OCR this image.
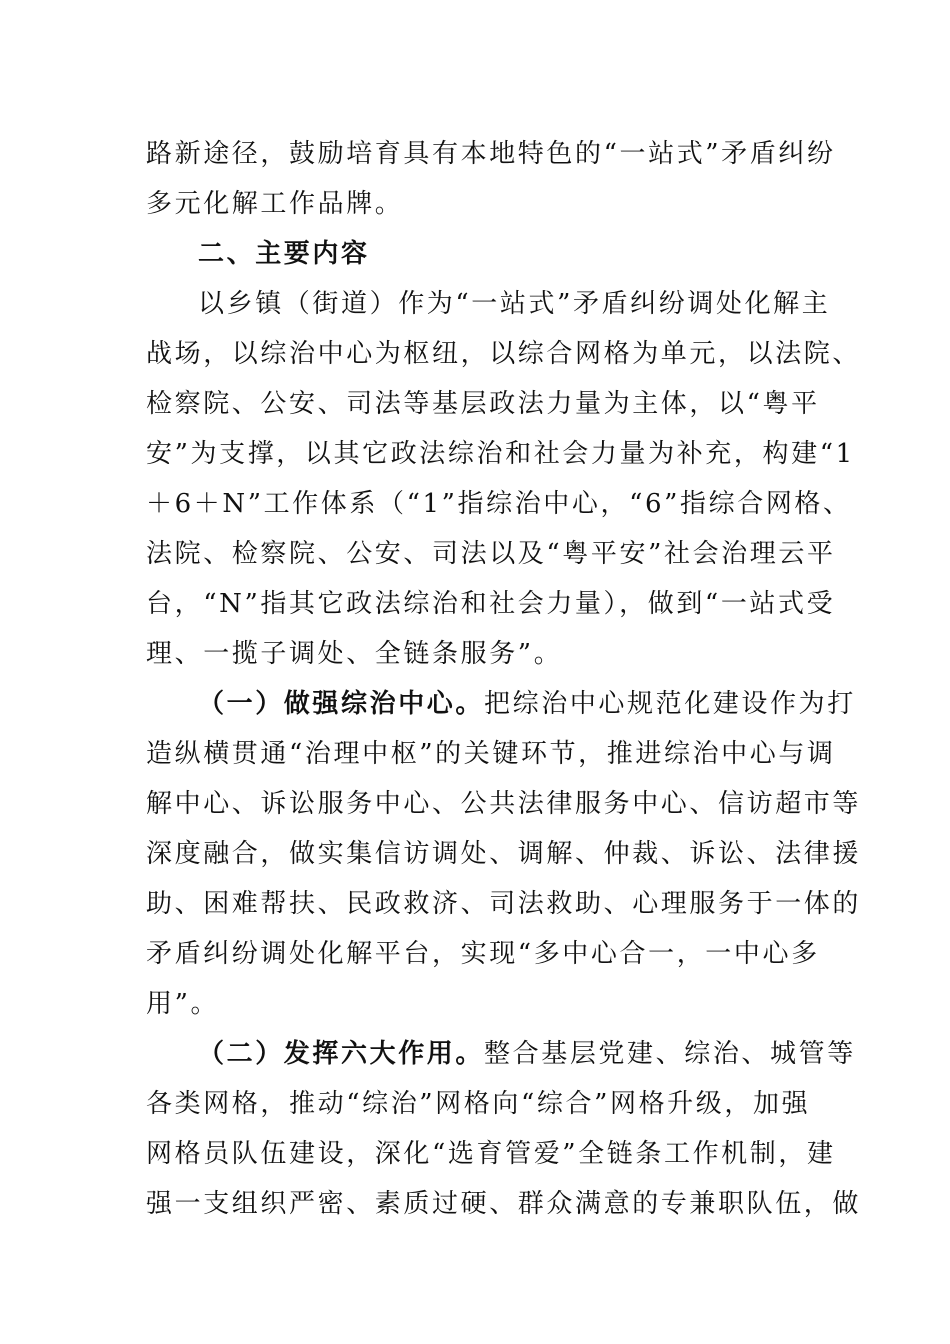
路新途径，鼓励培育具有本地特色的“一站式”矛盾纠纷
多元化解工作品牌。
二、主要内容
以乡镇（街道）作为“一站式”矛盾纠纷调处化解主
战场，以综治中心为枢纽，以综合网格为单元，以法院、
检察院、公安、司法等基层政法力量为主体，以“粤平
安”为支撑，以其它政法综治和社会力量为补充，构建“1
＋6＋N”工作体系（“1”指综治中心，“6”指综合网格、
法院、检察院、公安、司法以及“粤平安”社会治理云平
台，“N”指其它政法综治和社会力量），做到“一站式受
理、一揽子调处、全链条服务”。
（一）做强综治中心。把综治中心规范化建设作为打
造纵横贯通“治理中枢”的关键环节，推进综治中心与调
解中心、诉讼服务中心、公共法律服务中心、信访超市等
深度融合，做实集信访调处、调解、仲裁、诉讼、法律援
助、困难帮扶、民政救济、司法救助、心理服务于一体的
矛盾纠纷调处化解平台，实现“多中心合一，一中心多
用”。
（二）发挥六大作用。整合基层党建、综治、城管等
各类网格，推动“综治”网格向“综合”网格升级，加强
网格员队伍建设，深化“选育管爱”全链条工作机制，建
强一支组织严密、素质过硬、群众满意的专兼职队伍，做
